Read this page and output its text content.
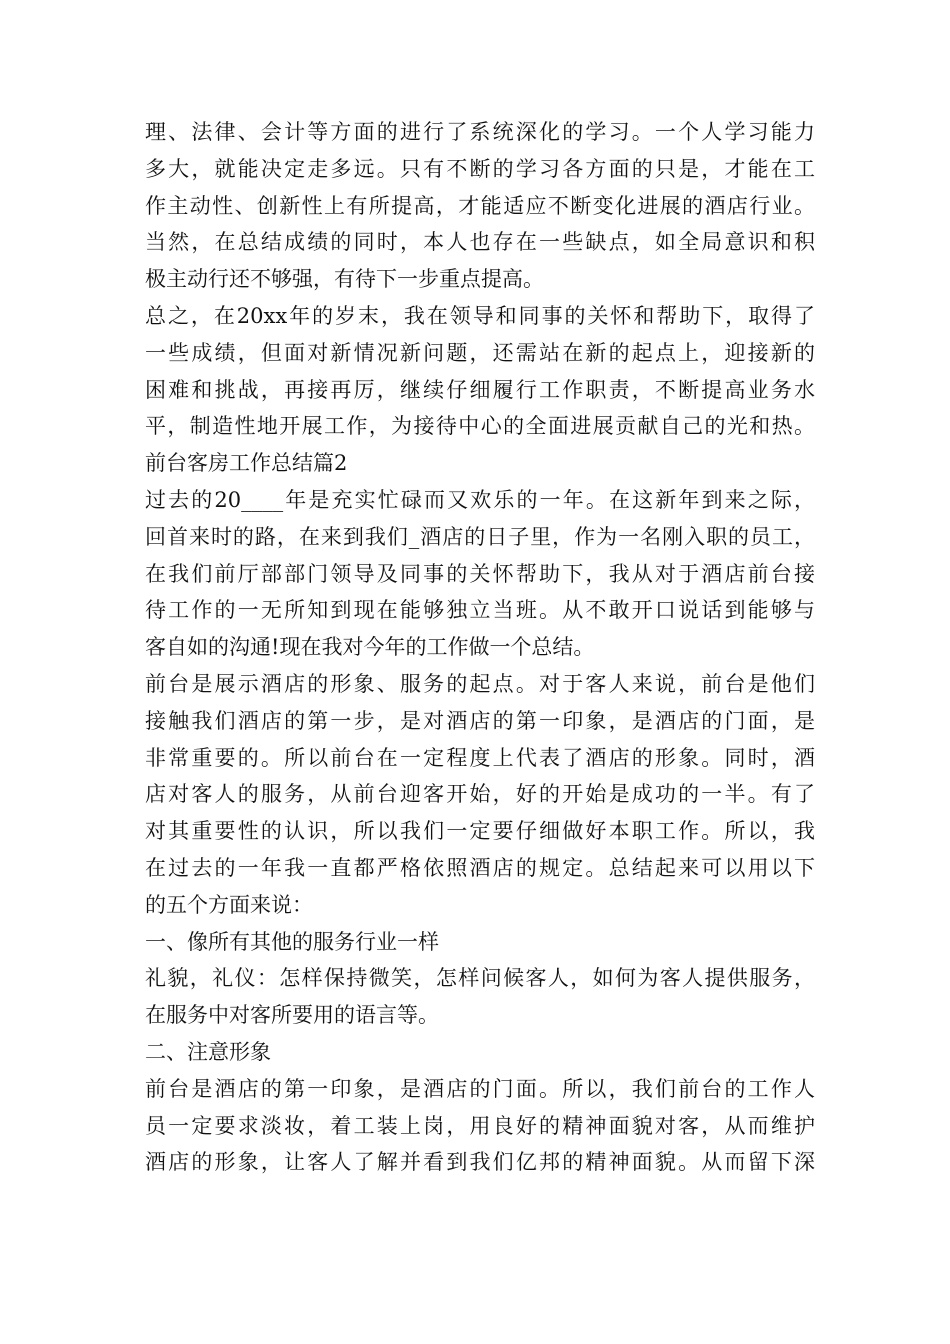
理、法律、会计等方面的进行了系统深化的学习。一个人学习能力
多大，就能决定走多远。只有不断的学习各方面的只是，才能在工
作主动性、创新性上有所提高，才能适应不断变化进展的酒店行业。
当然，在总结成绩的同时，本人也存在一些缺点，如全局意识和积
极主动行还不够强，有待下一步重点提高。
总之，在20xx年的岁末，我在领导和同事的关怀和帮助下，取得了
一些成绩，但面对新情况新问题，还需站在新的起点上，迎接新的
困难和挑战，再接再厉，继续仔细履行工作职责，不断提高业务水
平，制造性地开展工作，为接待中心的全面进展贡献自己的光和热。
前台客房工作总结篇2
过去的20____年是充实忙碌而又欢乐的一年。在这新年到来之际，
回首来时的路，在来到我们_酒店的日子里，作为一名刚入职的员工，
在我们前厅部部门领导及同事的关怀帮助下，我从对于酒店前台接
待工作的一无所知到现在能够独立当班。从不敢开口说话到能够与
客自如的沟通!现在我对今年的工作做一个总结。
前台是展示酒店的形象、服务的起点。对于客人来说，前台是他们
接触我们酒店的第一步，是对酒店的第一印象，是酒店的门面，是
非常重要的。所以前台在一定程度上代表了酒店的形象。同时，酒
店对客人的服务，从前台迎客开始，好的开始是成功的一半。有了
对其重要性的认识，所以我们一定要仔细做好本职工作。所以，我
在过去的一年我一直都严格依照酒店的规定。总结起来可以用以下
的五个方面来说：
一、像所有其他的服务行业一样
礼貌，礼仪：怎样保持微笑，怎样问候客人，如何为客人提供服务，
在服务中对客所要用的语言等。
二、注意形象
前台是酒店的第一印象，是酒店的门面。所以，我们前台的工作人
员一定要求淡妆，着工装上岗，用良好的精神面貌对客，从而维护
酒店的形象，让客人了解并看到我们亿邦的精神面貌。从而留下深
